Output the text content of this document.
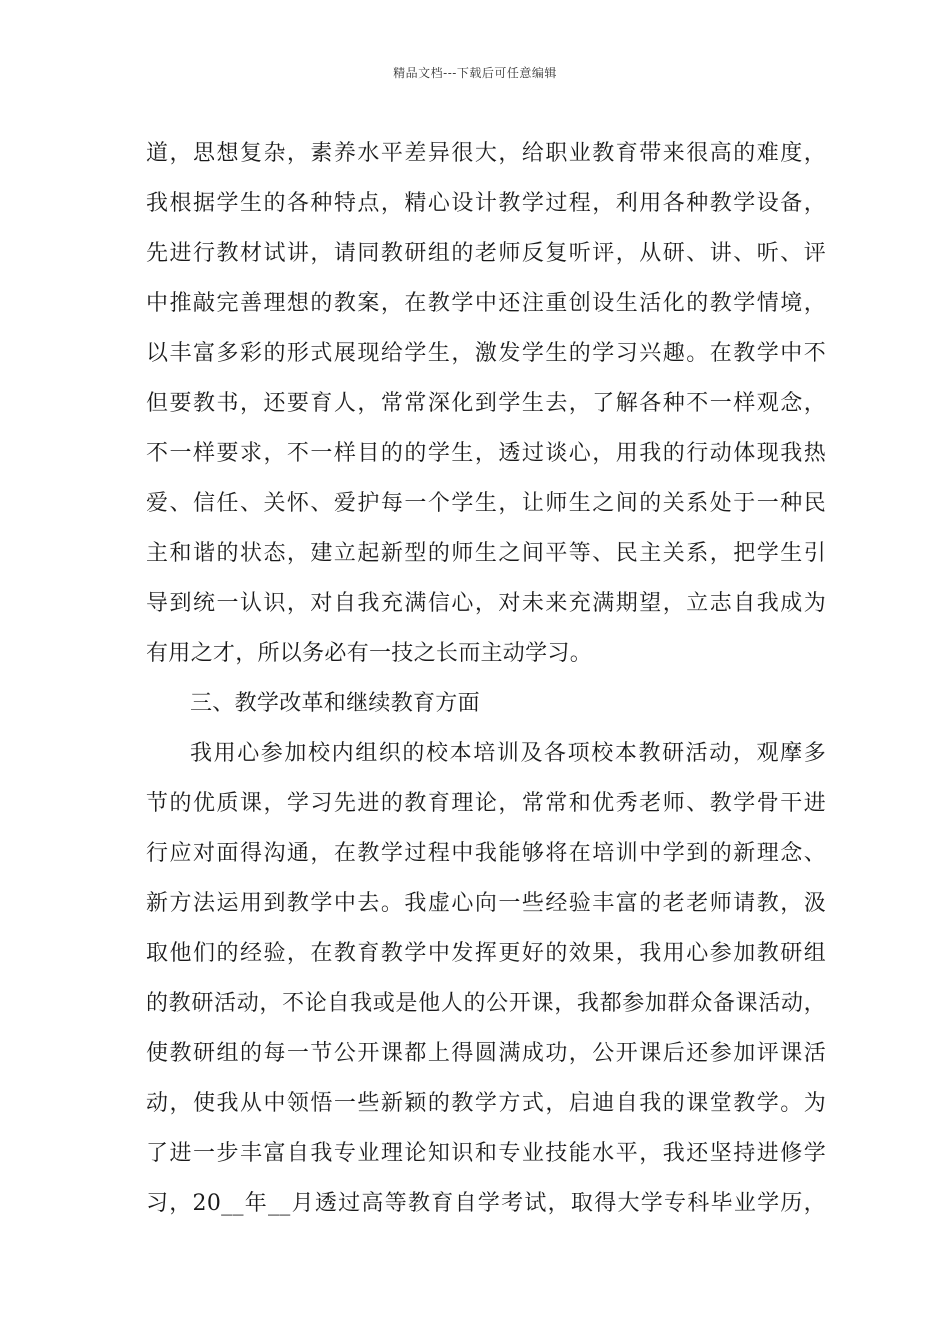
精品文档---下载后可任意编辑
道，思想复杂，素养水平差异很大，给职业教育带来很高的难度，
我根据学生的各种特点，精心设计教学过程，利用各种教学设备，
先进行教材试讲，请同教研组的老师反复听评，从研、讲、听、评
中推敲完善理想的教案，在教学中还注重创设生活化的教学情境，
以丰富多彩的形式展现给学生，激发学生的学习兴趣。在教学中不
但要教书，还要育人，常常深化到学生去，了解各种不一样观念，
不一样要求，不一样目的的学生，透过谈心，用我的行动体现我热
爱、信任、关怀、爱护每一个学生，让师生之间的关系处于一种民
主和谐的状态，建立起新型的师生之间平等、民主关系，把学生引
导到统一认识，对自我充满信心，对未来充满期望，立志自我成为
有用之才，所以务必有一技之长而主动学习。
三、教学改革和继续教育方面
我用心参加校内组织的校本培训及各项校本教研活动，观摩多
节的优质课，学习先进的教育理论，常常和优秀老师、教学骨干进
行应对面得沟通，在教学过程中我能够将在培训中学到的新理念、
新方法运用到教学中去。我虚心向一些经验丰富的老老师请教，汲
取他们的经验，在教育教学中发挥更好的效果，我用心参加教研组
的教研活动，不论自我或是他人的公开课，我都参加群众备课活动，
使教研组的每一节公开课都上得圆满成功，公开课后还参加评课活
动，使我从中领悟一些新颖的教学方式，启迪自我的课堂教学。为
了进一步丰富自我专业理论知识和专业技能水平，我还坚持进修学
习，20__年__月透过高等教育自学考试，取得大学专科毕业学历，
